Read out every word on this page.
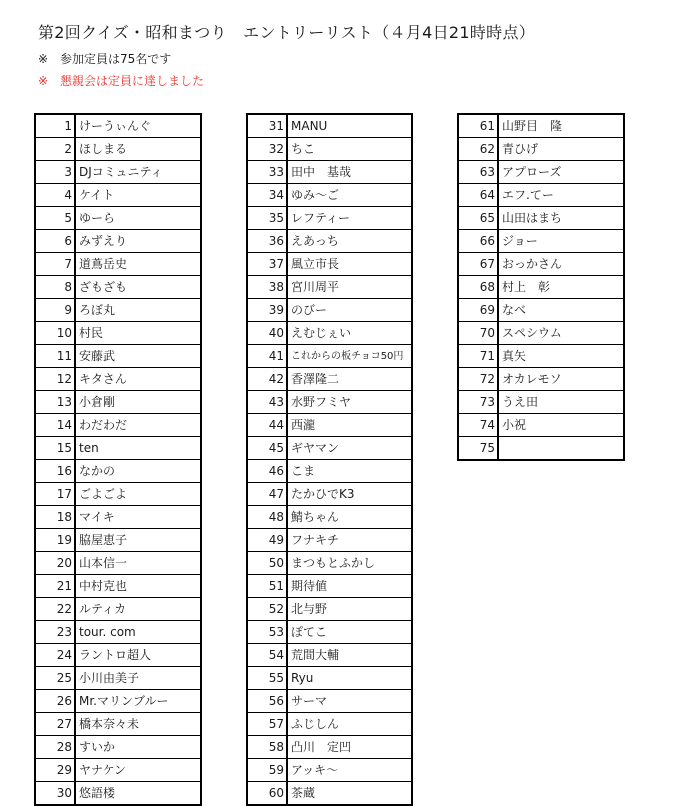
第2回クイズ・昭和まつり　エントリーリスト（４月4日21時時点）
※ 参加定員は75名です
※ 懇親会は定員に達しました
1	けーうぃんぐ
2	ほしまる
3	DJコミュニティ
4	ケイト
5	ゆーら
6	みずえり
7	道蔦岳史
8	ざもざも
9	ろぼ丸
10	村民
11	安藤武
12	キタさん
13	小倉剛
14	わだわだ
15	ten
16	なかの
17	ごよごよ
18	マイキ
19	脇屋恵子
20	山本信一
21	中村克也
22	ルティカ
23	tour. com
24	ラントロ超人
25	小川由美子
26	Mr.マリンブルー
27	橋本奈々未
28	すいか
29	ヤナケン
30	悠語楼
31	MANU
32	ちこ
33	田中　基哉
34	ゆみ～ご
35	レフティー
36	えあっち
37	風立市長
38	宮川周平
39	のびー
40	えむじぇい
41	これからの板チョコ50円
42	香澤隆二
43	水野フミヤ
44	西瀧
45	ギヤマン
46	こま
47	たかひでK3
48	鯖ちゃん
49	フナキチ
50	まつもとふかし
51	期待値
52	北与野
53	ぽてこ
54	荒間大輔
55	Ryu
56	サーマ
57	ふじしん
58	凸川　定凹
59	アッキ～
60	茶蔵
61	山野目　隆
62	青ひげ
63	アプローズ
64	エフ.てー
65	山田はまち
66	ジョー
67	おっかさん
68	村上　彰
69	なべ
70	スペシウム
71	真矢
72	オカレモソ
73	うえ田
74	小祝
75	
